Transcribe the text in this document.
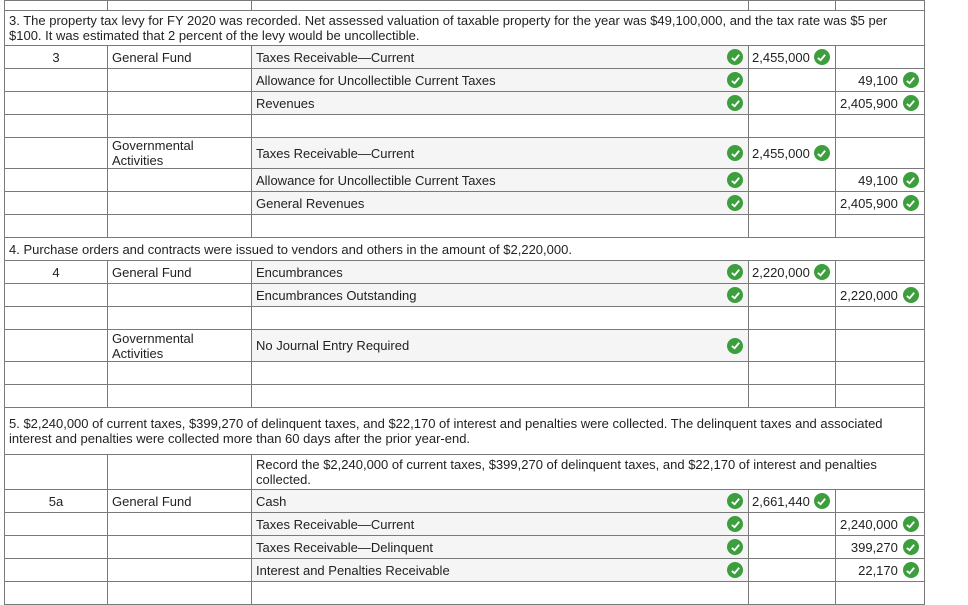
3. The property tax levy for FY 2020 was recorded. Net assessed valuation of taxable property for the year was $49,100,000, and the tax rate was $5 per $100. It was estimated that 2 percent of the levy would be uncollectible.				
3	General Fund	Taxes Receivable—Current	2,455,000	

		Allowance for Uncollectible Current Taxes		49,100

		Revenues		2,405,900

	Governmental Activities	Taxes Receivable—Current	2,455,000	

		Allowance for Uncollectible Current Taxes		49,100

		General Revenues		2,405,900

4. Purchase orders and contracts were issued to vendors and others in the amount of $2,220,000.				
4	General Fund	Encumbrances	2,220,000	

		Encumbrances Outstanding		2,220,000

	Governmental Activities	No Journal Entry Required

5. $2,240,000 of current taxes, $399,270 of delinquent taxes, and $22,170 of interest and penalties were collected. The delinquent taxes and associated interest and penalties were collected more than 60 days after the prior year-end.				
		Record the $2,240,000 of current taxes, $399,270 of delinquent taxes, and $22,170 of interest and penalties collected.		
5a	General Fund	Cash	2,661,440	

		Taxes Receivable—Current		2,240,000

		Taxes Receivable—Delinquent		399,270

		Interest and Penalties Receivable		22,170
